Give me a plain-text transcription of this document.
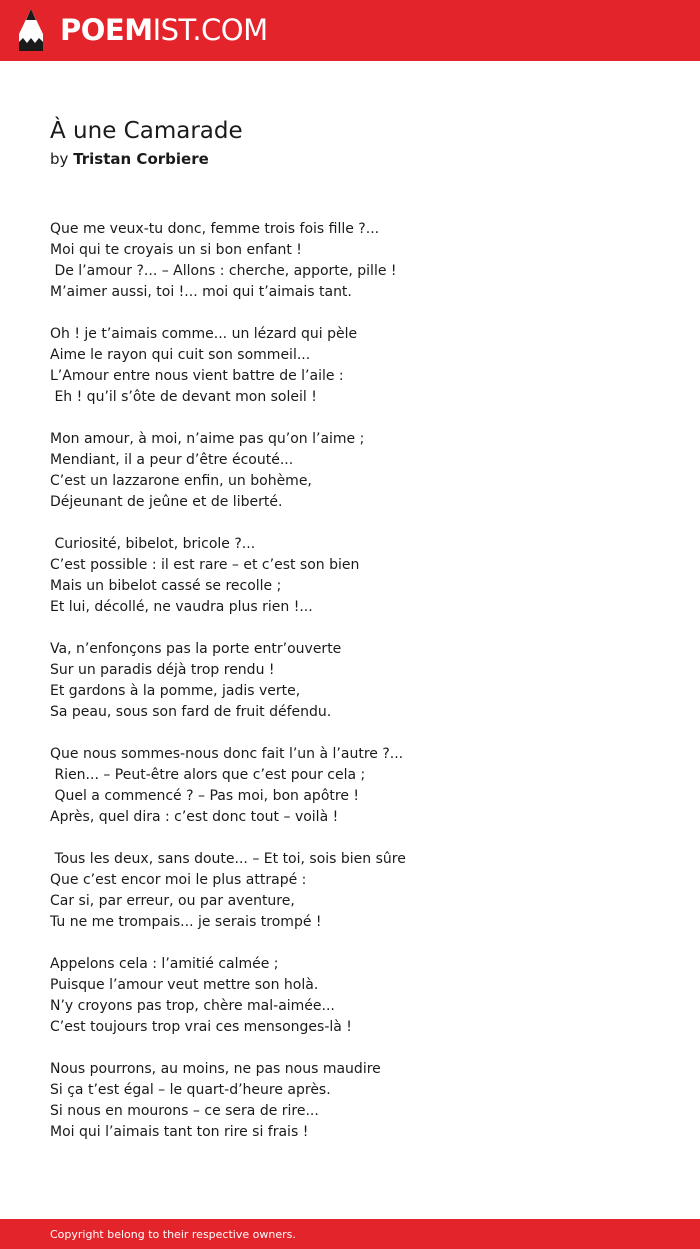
POEMIST.COM
À une Camarade
by Tristan Corbiere
Que me veux-tu donc, femme trois fois fille ?...
Moi qui te croyais un si bon enfant !
De l’amour ?... – Allons : cherche, apporte, pille !
M’aimer aussi, toi !... moi qui t’aimais tant.
Oh ! je t’aimais comme... un lézard qui pèle
Aime le rayon qui cuit son sommeil...
L’Amour entre nous vient battre de l’aile :
Eh ! qu’il s’ôte de devant mon soleil !
Mon amour, à moi, n’aime pas qu’on l’aime ;
Mendiant, il a peur d’être écouté...
C’est un lazzarone enfin, un bohème,
Déjeunant de jeûne et de liberté.
Curiosité, bibelot, bricole ?...
C’est possible : il est rare – et c’est son bien
Mais un bibelot cassé se recolle ;
Et lui, décollé, ne vaudra plus rien !...
Va, n’enfonçons pas la porte entr’ouverte
Sur un paradis déjà trop rendu !
Et gardons à la pomme, jadis verte,
Sa peau, sous son fard de fruit défendu.
Que nous sommes-nous donc fait l’un à l’autre ?...
Rien... – Peut-être alors que c’est pour cela ;
Quel a commencé ? – Pas moi, bon apôtre !
Après, quel dira : c’est donc tout – voilà !
Tous les deux, sans doute... – Et toi, sois bien sûre
Que c’est encor moi le plus attrapé :
Car si, par erreur, ou par aventure,
Tu ne me trompais... je serais trompé !
Appelons cela : l’amitié calmée ;
Puisque l’amour veut mettre son holà.
N’y croyons pas trop, chère mal-aimée...
C’est toujours trop vrai ces mensonges-là !
Nous pourrons, au moins, ne pas nous maudire
Si ça t’est égal – le quart-d’heure après.
Si nous en mourons – ce sera de rire...
Moi qui l’aimais tant ton rire si frais !
Copyright belong to their respective owners.
